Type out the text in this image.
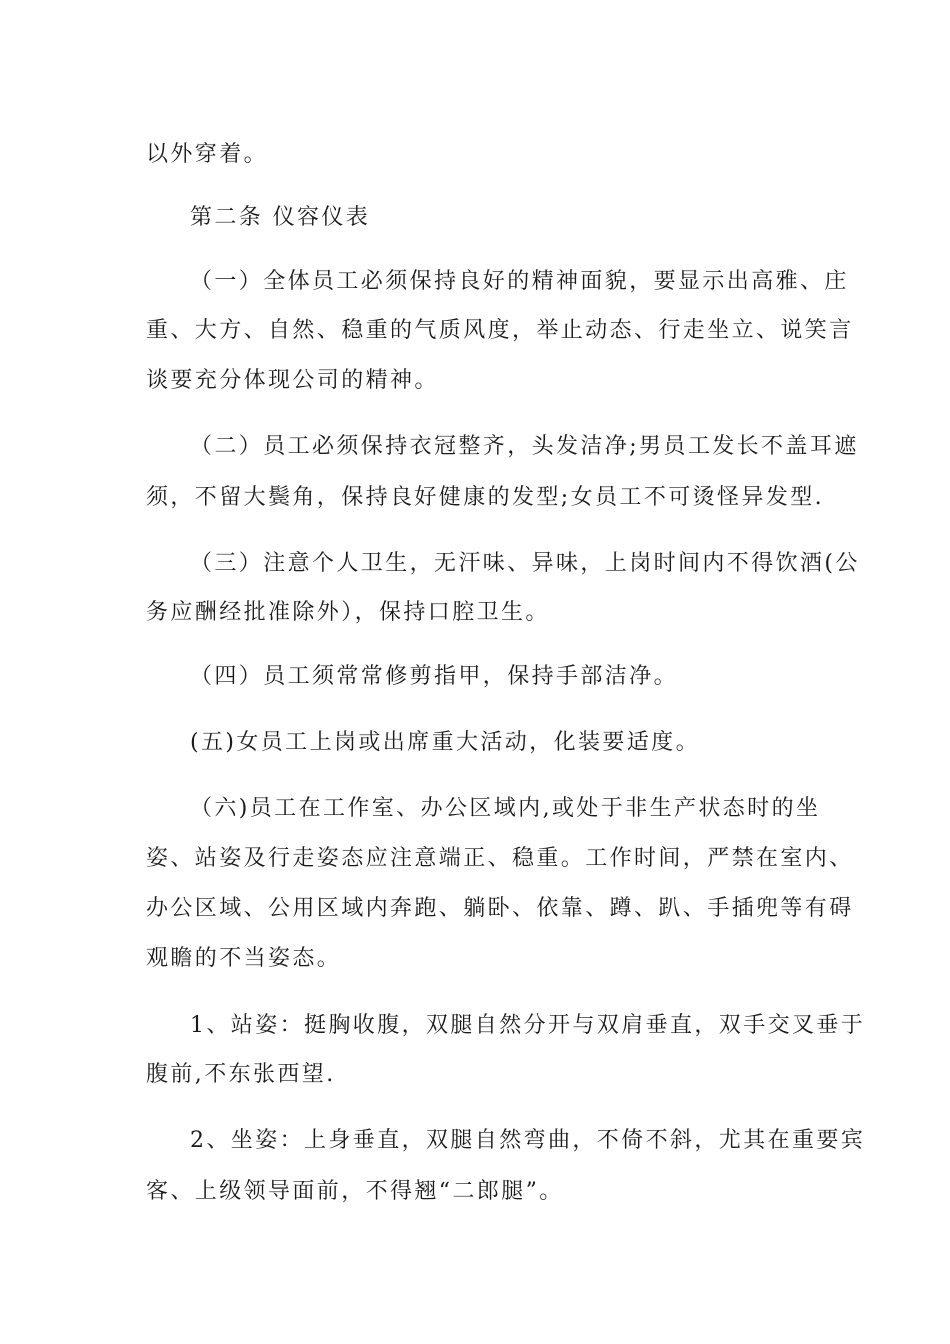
以外穿着。
第二条 仪容仪表
（一）全体员工必须保持良好的精神面貌，要显示出高雅、庄
重、大方、自然、稳重的气质风度，举止动态、行走坐立、说笑言
谈要充分体现公司的精神。
（二）员工必须保持衣冠整齐，头发洁净;男员工发长不盖耳遮
须，不留大鬓角，保持良好健康的发型;女员工不可烫怪异发型.
（三）注意个人卫生，无汗味、异味，上岗时间内不得饮酒(公
务应酬经批准除外），保持口腔卫生。
（四）员工须常常修剪指甲，保持手部洁净。
(五)女员工上岗或出席重大活动，化装要适度。
（六)员工在工作室、办公区域内,或处于非生产状态时的坐
姿、站姿及行走姿态应注意端正、稳重。工作时间，严禁在室内、
办公区域、公用区域内奔跑、躺卧、依靠、蹲、趴、手插兜等有碍
观瞻的不当姿态。
1、站姿：挺胸收腹，双腿自然分开与双肩垂直，双手交叉垂于
腹前,不东张西望.
2、坐姿：上身垂直，双腿自然弯曲，不倚不斜，尤其在重要宾
客、上级领导面前，不得翘“二郎腿”。
